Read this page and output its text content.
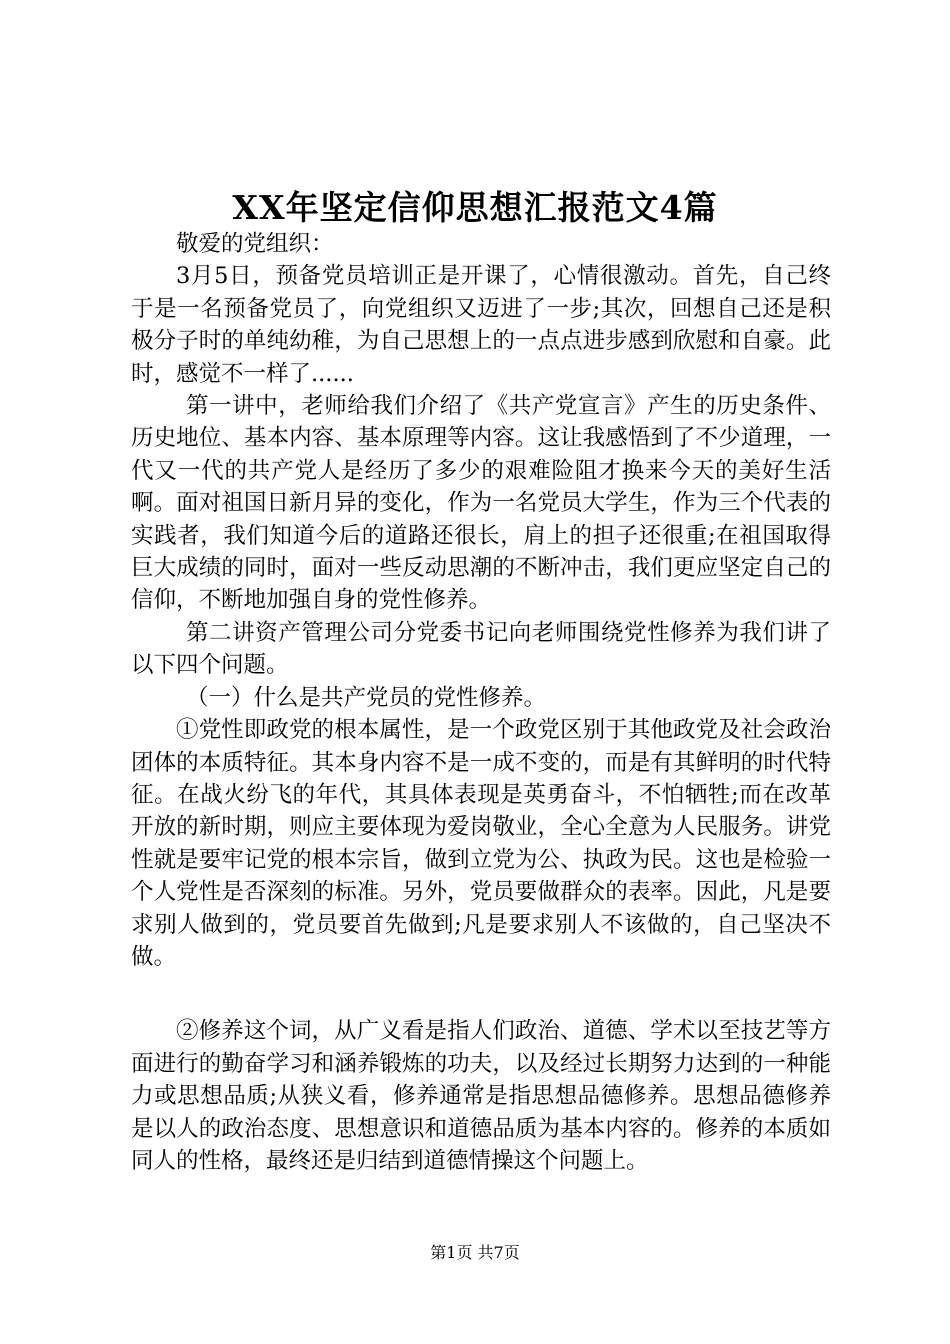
XX年坚定信仰思想汇报范文4篇

敬爱的党组织：

3月5日，预备党员培训正是开课了，心情很激动。首先，自己终于是一名预备党员了，向党组织又迈进了一步;其次，回想自己还是积极分子时的单纯幼稚，为自己思想上的一点点进步感到欣慰和自豪。此时，感觉不一样了......

第一讲中，老师给我们介绍了《共产党宣言》产生的历史条件、历史地位、基本内容、基本原理等内容。这让我感悟到了不少道理，一代又一代的共产党人是经历了多少的艰难险阻才换来今天的美好生活啊。面对祖国日新月异的变化，作为一名党员大学生，作为三个代表的实践者，我们知道今后的道路还很长，肩上的担子还很重;在祖国取得巨大成绩的同时，面对一些反动思潮的不断冲击，我们更应坚定自己的信仰，不断地加强自身的党性修养。

第二讲资产管理公司分党委书记向老师围绕党性修养为我们讲了以下四个问题。

（一）什么是共产党员的党性修养。

①党性即政党的根本属性，是一个政党区别于其他政党及社会政治团体的本质特征。其本身内容不是一成不变的，而是有其鲜明的时代特征。在战火纷飞的年代，其具体表现是英勇奋斗，不怕牺牲;而在改革开放的新时期，则应主要体现为爱岗敬业，全心全意为人民服务。讲党性就是要牢记党的根本宗旨，做到立党为公、执政为民。这也是检验一个人党性是否深刻的标准。另外，党员要做群众的表率。因此，凡是要求别人做到的，党员要首先做到;凡是要求别人不该做的，自己坚决不做。

②修养这个词，从广义看是指人们政治、道德、学术以至技艺等方面进行的勤奋学习和涵养锻炼的功夫，以及经过长期努力达到的一种能力或思想品质;从狭义看，修养通常是指思想品德修养。思想品德修养是以人的政治态度、思想意识和道德品质为基本内容的。修养的本质如同人的性格，最终还是归结到道德情操这个问题上。

第1页 共7页
